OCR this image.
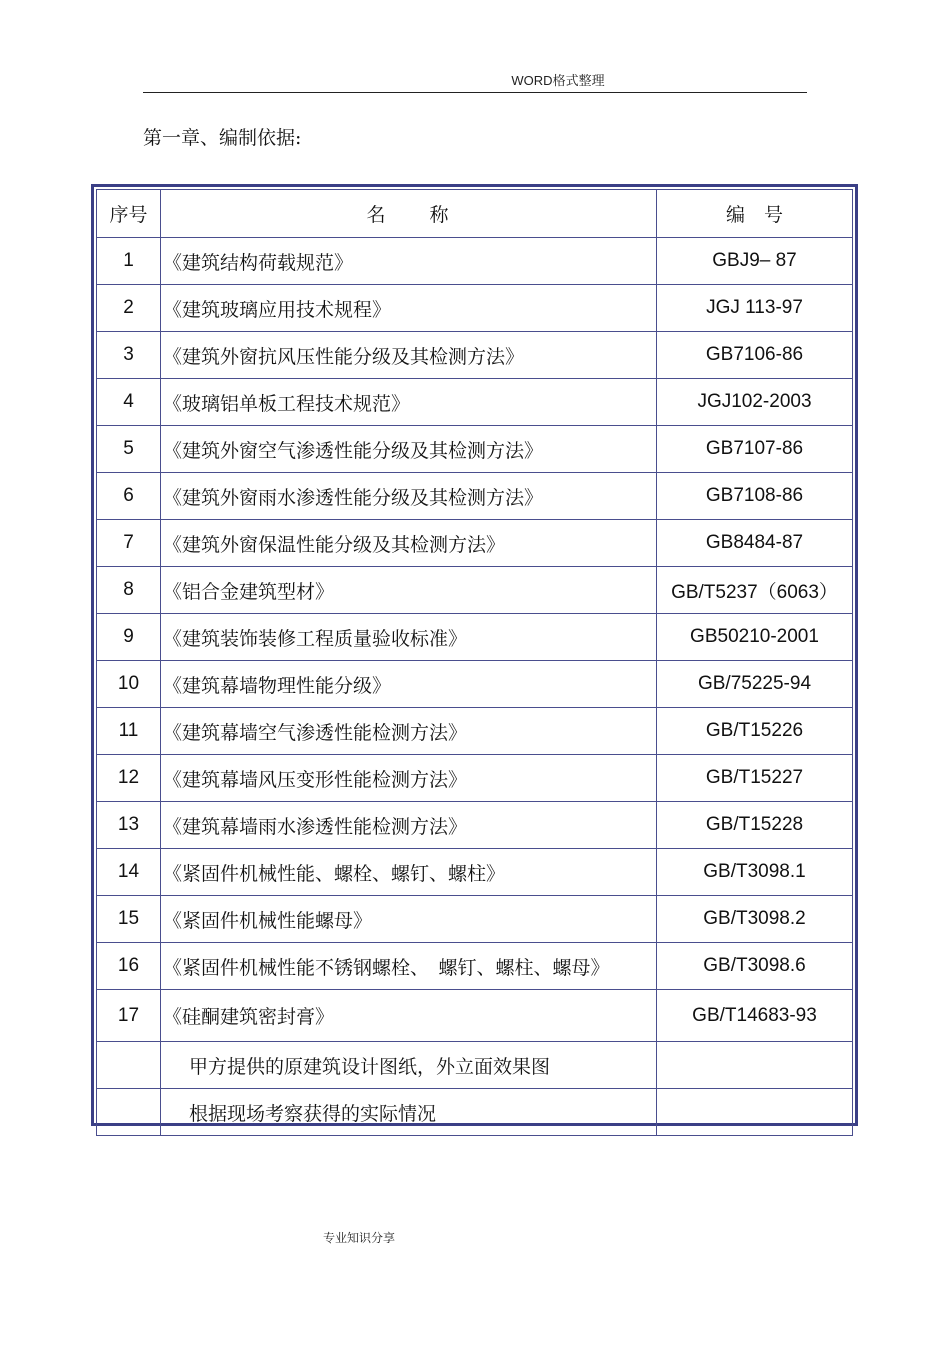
WORD格式整理
第一章、编制依据:
序号	名　　称	编　号
1	《建筑结构荷载规范》	GBJ9– 87
2	《建筑玻璃应用技术规程》	JGJ 113-97
3	《建筑外窗抗风压性能分级及其检测方法》	GB7106-86
4	《玻璃铝单板工程技术规范》	JGJ102-2003
5	《建筑外窗空气渗透性能分级及其检测方法》	GB7107-86
6	《建筑外窗雨水渗透性能分级及其检测方法》	GB7108-86
7	《建筑外窗保温性能分级及其检测方法》	GB8484-87
8	《铝合金建筑型材》	GB/T5237（6063）
9	《建筑装饰装修工程质量验收标准》	GB50210-2001
10	《建筑幕墙物理性能分级》	GB/75225-94
11	《建筑幕墙空气渗透性能检测方法》	GB/T15226
12	《建筑幕墙风压变形性能检测方法》	GB/T15227
13	《建筑幕墙雨水渗透性能检测方法》	GB/T15228
14	《紧固件机械性能、螺栓、螺钉、螺柱》	GB/T3098.1
15	《紧固件机械性能螺母》	GB/T3098.2
16	《紧固件机械性能不锈钢螺栓、　螺钉、螺柱、螺母》	GB/T3098.6
17	《硅酮建筑密封膏》	GB/T14683-93
	甲方提供的原建筑设计图纸，外立面效果图	
	根据现场考察获得的实际情况	
专业知识分享
